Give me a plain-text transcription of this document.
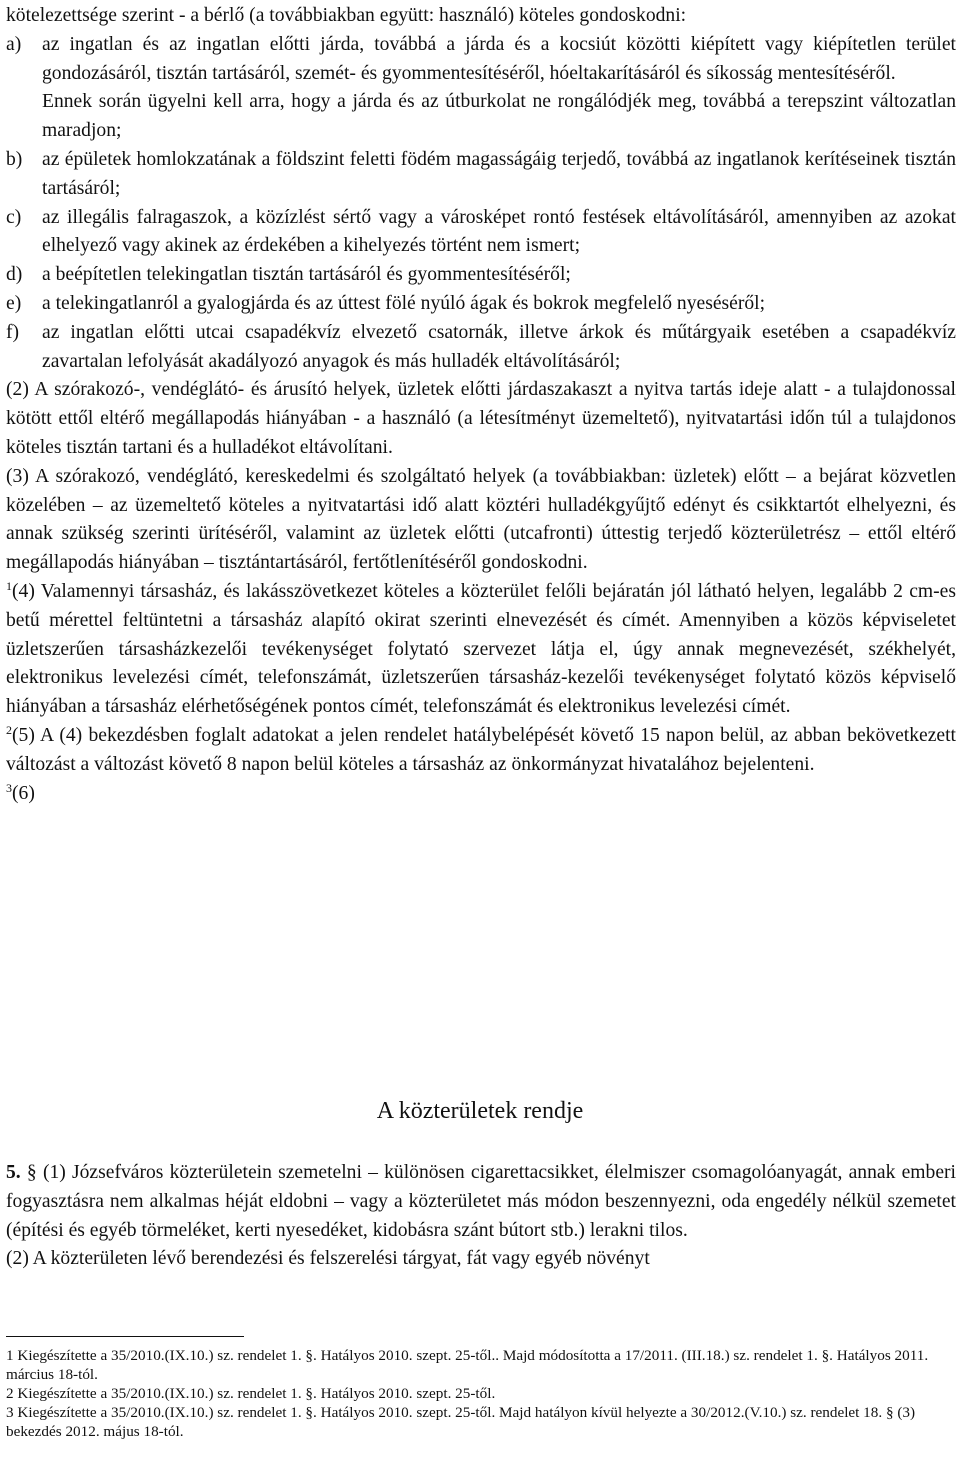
kötelezettsége szerint - a bérlő (a továbbiakban együtt: használó) köteles gondoskodni:

a) az ingatlan és az ingatlan előtti járda, továbbá a járda és a kocsiút közötti kiépített vagy kiépítetlen terület gondozásáról, tisztán tartásáról, szemét- és gyommentesítéséről, hóeltakarításáról és síkosság mentesítéséről.

Ennek során ügyelni kell arra, hogy a járda és az útburkolat ne rongálódjék meg, továbbá a terepszint változatlan maradjon;

b) az épületek homlokzatának a földszint feletti födém magasságáig terjedő, továbbá az ingatlanok kerítéseinek tisztán tartásáról;

c) az illegális falragaszok, a közízlést sértő vagy a városképet rontó festések eltávolításáról, amennyiben az azokat elhelyező vagy akinek az érdekében a kihelyezés történt nem ismert;

d) a beépítetlen telekingatlan tisztán tartásáról és gyommentesítéséről;

e) a telekingatlanról a gyalogjárda és az úttest fölé nyúló ágak és bokrok megfelelő nyeséséről;

f) az ingatlan előtti utcai csapadékvíz elvezető csatornák, illetve árkok és műtárgyaik esetében a csapadékvíz zavartalan lefolyását akadályozó anyagok és más hulladék eltávolításáról;

(2) A szórakozó-, vendéglátó- és árusító helyek, üzletek előtti járdaszakaszt a nyitva tartás ideje alatt - a tulajdonossal kötött ettől eltérő megállapodás hiányában - a használó (a létesítményt üzemeltető), nyitvatartási időn túl a tulajdonos köteles tisztán tartani és a hulladékot eltávolítani.

(3) A szórakozó, vendéglátó, kereskedelmi és szolgáltató helyek (a továbbiakban: üzletek) előtt – a bejárat közvetlen közelében – az üzemeltető köteles a nyitvatartási idő alatt köztéri hulladékgyűjtő edényt és csikktartót elhelyezni, és annak szükség szerinti ürítéséről, valamint az üzletek előtti (utcafronti) úttestig terjedő közterületrész – ettől eltérő megállapodás hiányában – tisztántartásáról, fertőtlenítéséről gondoskodni.

$^1$(4) Valamennyi társasház, és lakásszövetkezet köteles a közterület felőli bejáratán jól látható helyen, legalább 2 cm-es betű mérettel feltüntetni a társasház alapító okirat szerinti elnevezését és címét. Amennyiben a közös képviseletet üzletszerűen társasházkezelői tevékenységet folytató szervezet látja el, úgy annak megnevezését, székhelyét, elektronikus levelezési címét, telefonszámát, üzletszerűen társasház-kezelői tevékenységet folytató közös képviselő hiányában a társasház elérhetőségének pontos címét, telefonszámát és elektronikus levelezési címét.

$^2$(5) A (4) bekezdésben foglalt adatokat a jelen rendelet hatálybelépését követő 15 napon belül, az abban bekövetkezett változást a változást követő 8 napon belül köteles a társasház az önkormányzat hivatalához bejelenteni.

$^3$(6)

A közterületek rendje

5. § (1) Józsefváros közterületein szemetelni – különösen cigarettacsikket, élelmiszer csomagolóanyagát, annak emberi fogyasztásra nem alkalmas héját eldobni – vagy a közterületet más módon beszennyezni, oda engedély nélkül szemetet (építési és egyéb törmeléket, kerti nyesedéket, kidobásra szánt bútort stb.) lerakni tilos.

(2) A közterületen lévő berendezési és felszerelési tárgyat, fát vagy egyéb növényt

1 Kiegészítette a 35/2010.(IX.10.) sz. rendelet 1. §. Hatályos 2010. szept. 25-től.. Majd módosította a 17/2011. (III.18.) sz. rendelet 1. §. Hatályos 2011. március 18-tól.

2 Kiegészítette a 35/2010.(IX.10.) sz. rendelet 1. §. Hatályos 2010. szept. 25-től.

3 Kiegészítette a 35/2010.(IX.10.) sz. rendelet 1. §. Hatályos 2010. szept. 25-től. Majd hatályon kívül helyezte a 30/2012.(V.10.) sz. rendelet 18. § (3) bekezdés 2012. május 18-tól.
